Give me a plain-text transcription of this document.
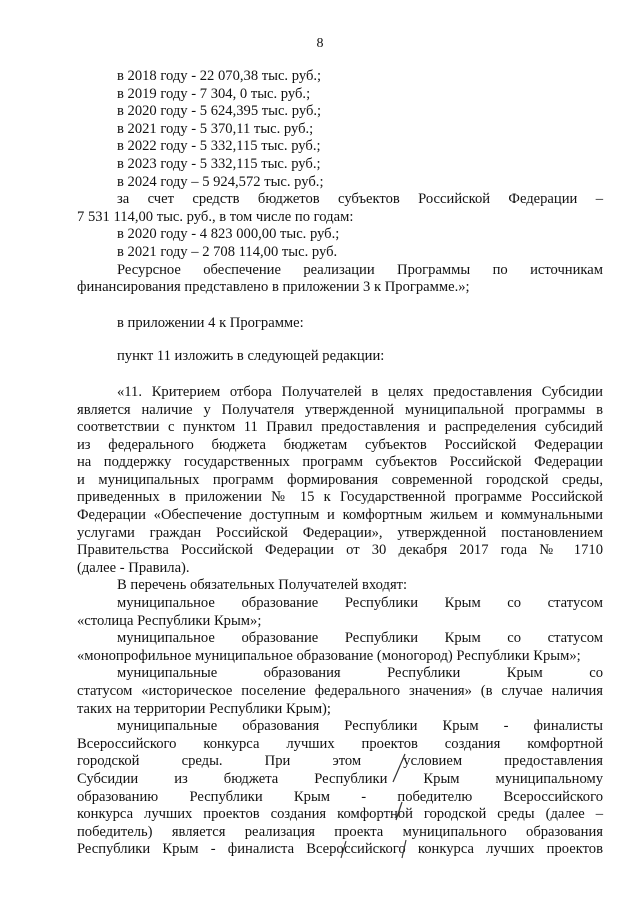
8
в 2018 году - 22 070,38 тыс. руб.;
в 2019 году - 7 304, 0 тыс. руб.;
в 2020 году - 5 624,395 тыс. руб.;
в 2021 году - 5 370,11 тыс. руб.;
в 2022 году - 5 332,115 тыс. руб.;
в 2023 году - 5 332,115 тыс. руб.;
в 2024 году – 5 924,572 тыс. руб.;
за счет средств бюджетов субъектов Российской Федерации –
7 531 114,00 тыс. руб., в том числе по годам:
в 2020 году - 4 823 000,00 тыс. руб.;
в 2021 году – 2 708 114,00 тыс. руб.
Ресурсное обеспечение реализации Программы по источникам
финансирования представлено в приложении 3 к Программе.»;
в приложении 4 к Программе:
пункт 11 изложить в следующей редакции:
«11. Критерием отбора Получателей в целях предоставления Субсидии
является наличие у Получателя утвержденной муниципальной программы в
соответствии с пунктом 11 Правил предоставления и распределения субсидий
из федерального бюджета бюджетам субъектов Российской Федерации
на поддержку государственных программ субъектов Российской Федерации
и муниципальных программ формирования современной городской среды,
приведенных в приложении № 15 к Государственной программе Российской
Федерации «Обеспечение доступным и комфортным жильем и коммунальными
услугами граждан Российской Федерации», утвержденной постановлением
Правительства Российской Федерации от 30 декабря 2017 года № 1710
(далее - Правила).
В перечень обязательных Получателей входят:
муниципальное образование Республики Крым со статусом
«столица Республики Крым»;
муниципальное образование Республики Крым со статусом
«монопрофильное муниципальное образование (моногород) Республики Крым»;
муниципальные образования Республики Крым со
статусом «историческое поселение федерального значения» (в случае наличия
таких на территории Республики Крым);
муниципальные образования Республики Крым - финалисты
Всероссийского конкурса лучших проектов создания комфортной
городской среды. При этом условием предоставления
Субсидии из бюджета Республики Крым муниципальному
образованию Республики Крым - победителю Всероссийского
конкурса лучших проектов создания комфортной городской среды (далее –
победитель) является реализация проекта муниципального образования
Республики Крым - финалиста Всероссийского конкурса лучших проектов
